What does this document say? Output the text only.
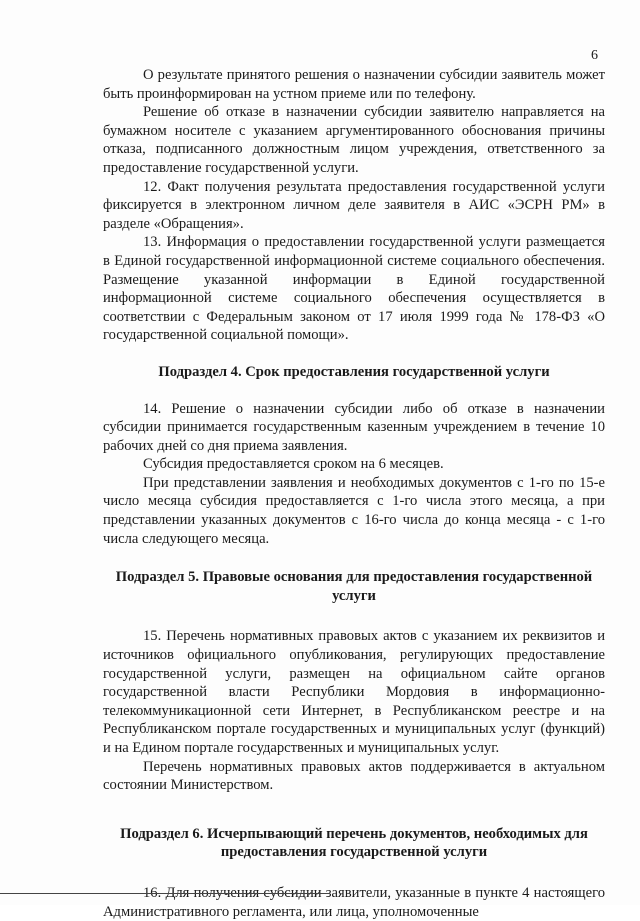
6

О результате принятого решения о назначении субсидии заявитель может быть проинформирован на устном приеме или по телефону.

Решение об отказе в назначении субсидии заявителю направляется на бумажном носителе с указанием аргументированного обоснования причины отказа, подписанного должностным лицом учреждения, ответственного за предоставление государственной услуги.

12. Факт получения результата предоставления государственной услуги фиксируется в электронном личном деле заявителя в АИС «ЭСРН РМ» в разделе «Обращения».

13. Информация о предоставлении государственной услуги размещается в Единой государственной информационной системе социального обеспечения. Размещение указанной информации в Единой государственной информационной системе социального обеспечения осуществляется в соответствии с Федеральным законом от 17 июля 1999 года № 178-ФЗ «О государственной социальной помощи».

Подраздел 4. Срок предоставления государственной услуги

14. Решение о назначении субсидии либо об отказе в назначении субсидии принимается государственным казенным учреждением в течение 10 рабочих дней со дня приема заявления.

Субсидия предоставляется сроком на 6 месяцев.

При представлении заявления и необходимых документов с 1-го по 15-е число месяца субсидия предоставляется с 1-го числа этого месяца, а при представлении указанных документов с 16-го числа до конца месяца - с 1-го числа следующего месяца.

Подраздел 5. Правовые основания для предоставления государственной услуги

15. Перечень нормативных правовых актов с указанием их реквизитов и источников официального опубликования, регулирующих предоставление государственной услуги, размещен на официальном сайте органов государственной власти Республики Мордовия в информационно-телекоммуникационной сети Интернет, в Республиканском реестре и на Республиканском портале государственных и муниципальных услуг (функций) и на Едином портале государственных и муниципальных услуг.

Перечень нормативных правовых актов поддерживается в актуальном состоянии Министерством.

Подраздел 6. Исчерпывающий перечень документов, необходимых для предоставления государственной услуги

16. Для получения субсидии заявители, указанные в пункте 4 настоящего Административного регламента, или лица, уполномоченные
